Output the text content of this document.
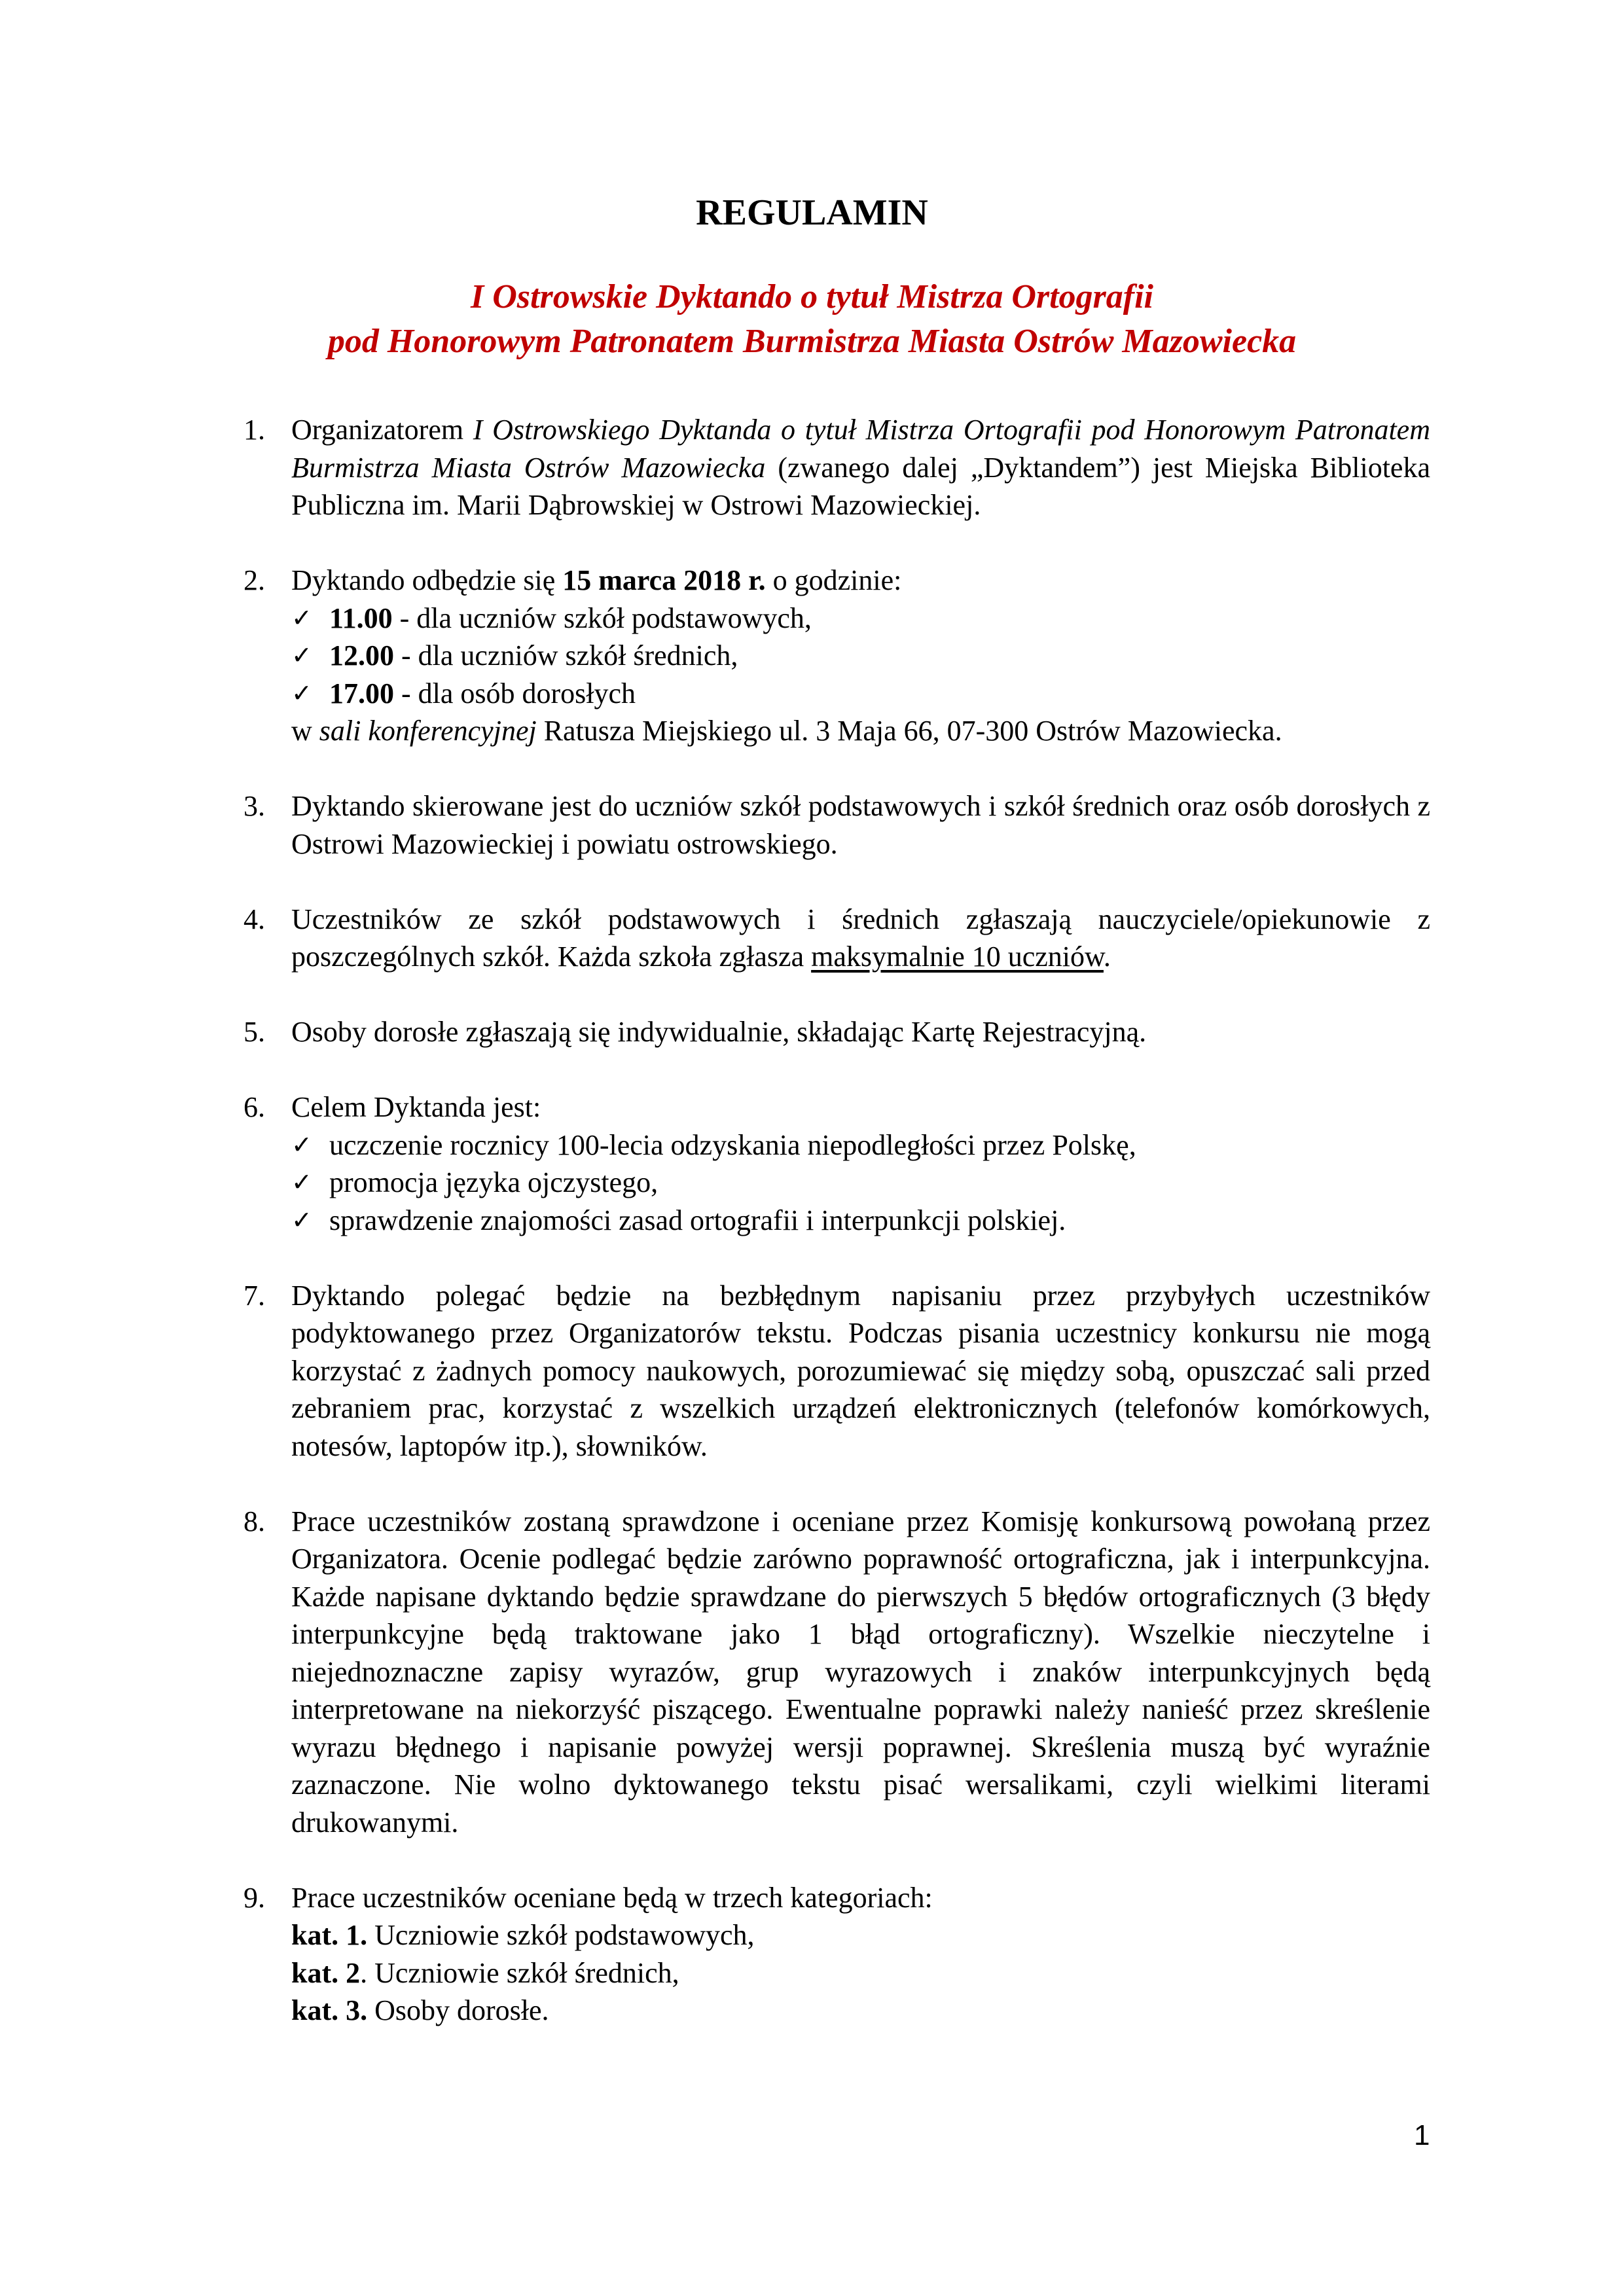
REGULAMIN
I Ostrowskie Dyktando o tytuł Mistrza Ortografii
pod Honorowym Patronatem Burmistrza Miasta Ostrów Mazowiecka
1. Organizatorem I Ostrowskiego Dyktanda o tytuł Mistrza Ortografii pod Honorowym Patronatem Burmistrza Miasta Ostrów Mazowiecka (zwanego dalej „Dyktandem”) jest Miejska Biblioteka Publiczna im. Marii Dąbrowskiej w Ostrowi Mazowieckiej.

2. Dyktando odbędzie się 15 marca 2018 r. o godzinie:

✓ 11.00 - dla uczniów szkół podstawowych,
✓ 12.00 - dla uczniów szkół średnich,
✓ 17.00 - dla osób dorosłych

w sali konferencyjnej Ratusza Miejskiego ul. 3 Maja 66, 07-300 Ostrów Mazowiecka.

3. Dyktando skierowane jest do uczniów szkół podstawowych i szkół średnich oraz osób dorosłych z Ostrowi Mazowieckiej i powiatu ostrowskiego.

4. Uczestników ze szkół podstawowych i średnich zgłaszają nauczyciele/opiekunowie z poszczególnych szkół. Każda szkoła zgłasza maksymalnie 10 uczniów.

5. Osoby dorosłe zgłaszają się indywidualnie, składając Kartę Rejestracyjną.

6. Celem Dyktanda jest:

✓ uczczenie rocznicy 100-lecia odzyskania niepodległości przez Polskę,
✓ promocja języka ojczystego,
✓ sprawdzenie znajomości zasad ortografii i interpunkcji polskiej.
7. Dyktando polegać będzie na bezbłędnym napisaniu przez przybyłych uczestników podyktowanego przez Organizatorów tekstu. Podczas pisania uczestnicy konkursu nie mogą korzystać z żadnych pomocy naukowych, porozumiewać się między sobą, opuszczać sali przed zebraniem prac, korzystać z wszelkich urządzeń elektronicznych (telefonów komórkowych, notesów, laptopów itp.), słowników.

8. Prace uczestników zostaną sprawdzone i oceniane przez Komisję konkursową powołaną przez Organizatora. Ocenie podlegać będzie zarówno poprawność ortograficzna, jak i interpunkcyjna. Każde napisane dyktando będzie sprawdzane do pierwszych 5 błędów ortograficznych (3 błędy interpunkcyjne będą traktowane jako 1 błąd ortograficzny). Wszelkie nieczytelne i niejednoznaczne zapisy wyrazów, grup wyrazowych i znaków interpunkcyjnych będą interpretowane na niekorzyść piszącego. Ewentualne poprawki należy nanieść przez skreślenie wyrazu błędnego i napisanie powyżej wersji poprawnej. Skreślenia muszą być wyraźnie zaznaczone. Nie wolno dyktowanego tekstu pisać wersalikami, czyli wielkimi literami drukowanymi.

9. Prace uczestników oceniane będą w trzech kategoriach:

kat. 1. Uczniowie szkół podstawowych,

kat. 2. Uczniowie szkół średnich,

kat. 3. Osoby dorosłe.

1
